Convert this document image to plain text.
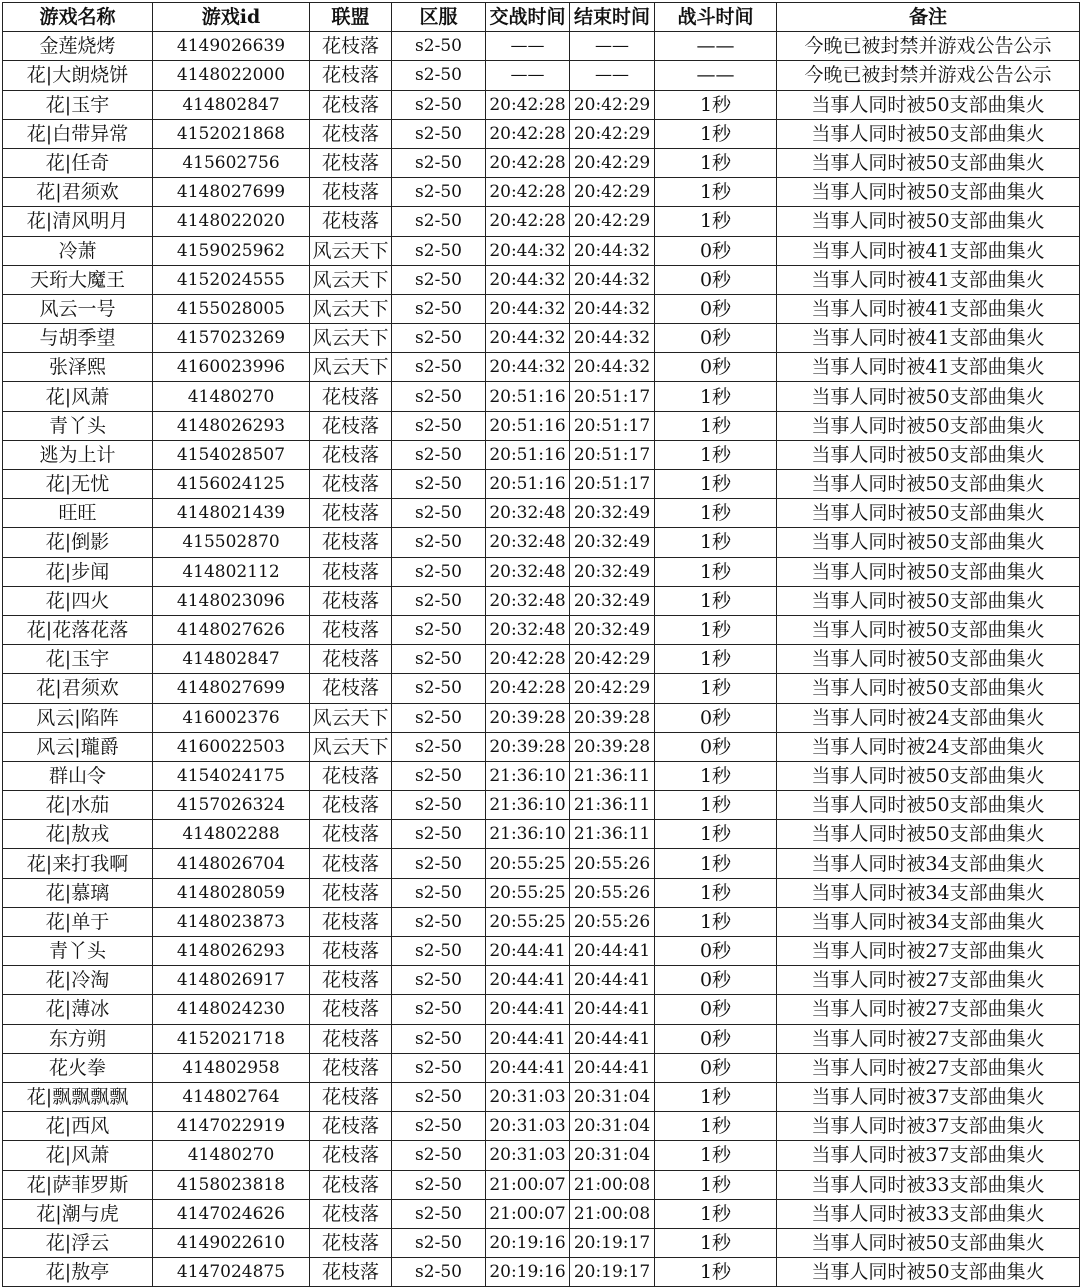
游戏名称	游戏id	联盟	区服	交战时间	结束时间	战斗时间	备注
金莲烧烤	4149026639	花枝落	s2-50	——	——	——	今晚已被封禁并游戏公告公示
花|大朗烧饼	4148022000	花枝落	s2-50	——	——	——	今晚已被封禁并游戏公告公示
花|玉宇	414802847	花枝落	s2-50	20:42:28	20:42:29	1秒	当事人同时被50支部曲集火
花|白带异常	4152021868	花枝落	s2-50	20:42:28	20:42:29	1秒	当事人同时被50支部曲集火
花|任奇	415602756	花枝落	s2-50	20:42:28	20:42:29	1秒	当事人同时被50支部曲集火
花|君须欢	4148027699	花枝落	s2-50	20:42:28	20:42:29	1秒	当事人同时被50支部曲集火
花|清风明月	4148022020	花枝落	s2-50	20:42:28	20:42:29	1秒	当事人同时被50支部曲集火
冷萧	4159025962	风云天下	s2-50	20:44:32	20:44:32	0秒	当事人同时被41支部曲集火
天珩大魔王	4152024555	风云天下	s2-50	20:44:32	20:44:32	0秒	当事人同时被41支部曲集火
风云一号	4155028005	风云天下	s2-50	20:44:32	20:44:32	0秒	当事人同时被41支部曲集火
与胡季望	4157023269	风云天下	s2-50	20:44:32	20:44:32	0秒	当事人同时被41支部曲集火
张泽熙	4160023996	风云天下	s2-50	20:44:32	20:44:32	0秒	当事人同时被41支部曲集火
花|风萧	41480270	花枝落	s2-50	20:51:16	20:51:17	1秒	当事人同时被50支部曲集火
青丫头	4148026293	花枝落	s2-50	20:51:16	20:51:17	1秒	当事人同时被50支部曲集火
逃为上计	4154028507	花枝落	s2-50	20:51:16	20:51:17	1秒	当事人同时被50支部曲集火
花|无忧	4156024125	花枝落	s2-50	20:51:16	20:51:17	1秒	当事人同时被50支部曲集火
旺旺	4148021439	花枝落	s2-50	20:32:48	20:32:49	1秒	当事人同时被50支部曲集火
花|倒影	415502870	花枝落	s2-50	20:32:48	20:32:49	1秒	当事人同时被50支部曲集火
花|步闻	414802112	花枝落	s2-50	20:32:48	20:32:49	1秒	当事人同时被50支部曲集火
花|四火	4148023096	花枝落	s2-50	20:32:48	20:32:49	1秒	当事人同时被50支部曲集火
花|花落花落	4148027626	花枝落	s2-50	20:32:48	20:32:49	1秒	当事人同时被50支部曲集火
花|玉宇	414802847	花枝落	s2-50	20:42:28	20:42:29	1秒	当事人同时被50支部曲集火
花|君须欢	4148027699	花枝落	s2-50	20:42:28	20:42:29	1秒	当事人同时被50支部曲集火
风云|陷阵	416002376	风云天下	s2-50	20:39:28	20:39:28	0秒	当事人同时被24支部曲集火
风云|瓏爵	4160022503	风云天下	s2-50	20:39:28	20:39:28	0秒	当事人同时被24支部曲集火
群山令	4154024175	花枝落	s2-50	21:36:10	21:36:11	1秒	当事人同时被50支部曲集火
花|水茄	4157026324	花枝落	s2-50	21:36:10	21:36:11	1秒	当事人同时被50支部曲集火
花|敖戎	414802288	花枝落	s2-50	21:36:10	21:36:11	1秒	当事人同时被50支部曲集火
花|来打我啊	4148026704	花枝落	s2-50	20:55:25	20:55:26	1秒	当事人同时被34支部曲集火
花|慕璃	4148028059	花枝落	s2-50	20:55:25	20:55:26	1秒	当事人同时被34支部曲集火
花|单于	4148023873	花枝落	s2-50	20:55:25	20:55:26	1秒	当事人同时被34支部曲集火
青丫头	4148026293	花枝落	s2-50	20:44:41	20:44:41	0秒	当事人同时被27支部曲集火
花|冷淘	4148026917	花枝落	s2-50	20:44:41	20:44:41	0秒	当事人同时被27支部曲集火
花|薄冰	4148024230	花枝落	s2-50	20:44:41	20:44:41	0秒	当事人同时被27支部曲集火
东方朔	4152021718	花枝落	s2-50	20:44:41	20:44:41	0秒	当事人同时被27支部曲集火
花火拳	414802958	花枝落	s2-50	20:44:41	20:44:41	0秒	当事人同时被27支部曲集火
花|飘飘飘飘	414802764	花枝落	s2-50	20:31:03	20:31:04	1秒	当事人同时被37支部曲集火
花|西风	4147022919	花枝落	s2-50	20:31:03	20:31:04	1秒	当事人同时被37支部曲集火
花|风萧	41480270	花枝落	s2-50	20:31:03	20:31:04	1秒	当事人同时被37支部曲集火
花|萨菲罗斯	4158023818	花枝落	s2-50	21:00:07	21:00:08	1秒	当事人同时被33支部曲集火
花|潮与虎	4147024626	花枝落	s2-50	21:00:07	21:00:08	1秒	当事人同时被33支部曲集火
花|浮云	4149022610	花枝落	s2-50	20:19:16	20:19:17	1秒	当事人同时被50支部曲集火
花|敖亭	4147024875	花枝落	s2-50	20:19:16	20:19:17	1秒	当事人同时被50支部曲集火
